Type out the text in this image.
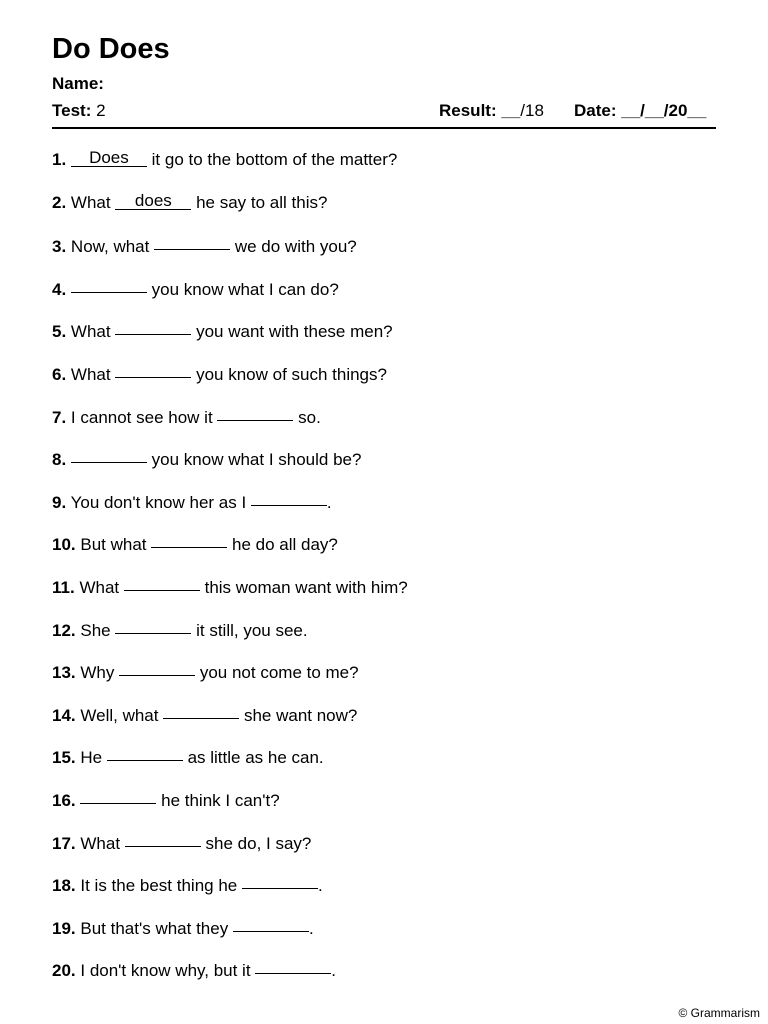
Do Does
Name:
Test: 2	Result: __/18 Date: __/__/20__
1. Does it go to the bottom of the matter?
2. What does he say to all this?
3. Now, what	we do with you?
4.	you know what I can do?
5. What	you want with these men?
6. What	you know of such things?
7. I cannot see how it	so.
8.	you know what I should be?
9. You don't know her as I	.
10. But what	he do all day?
11. What	this woman want with him?
12. She	it still, you see.
13. Why	you not come to me?
14. Well, what	she want now?
15. He	as little as he can.
16.	he think I can't?
17. What	she do, I say?
18. It is the best thing he	.
19. But that's what they	.
20. I don't know why, but it	.
© Grammarism
